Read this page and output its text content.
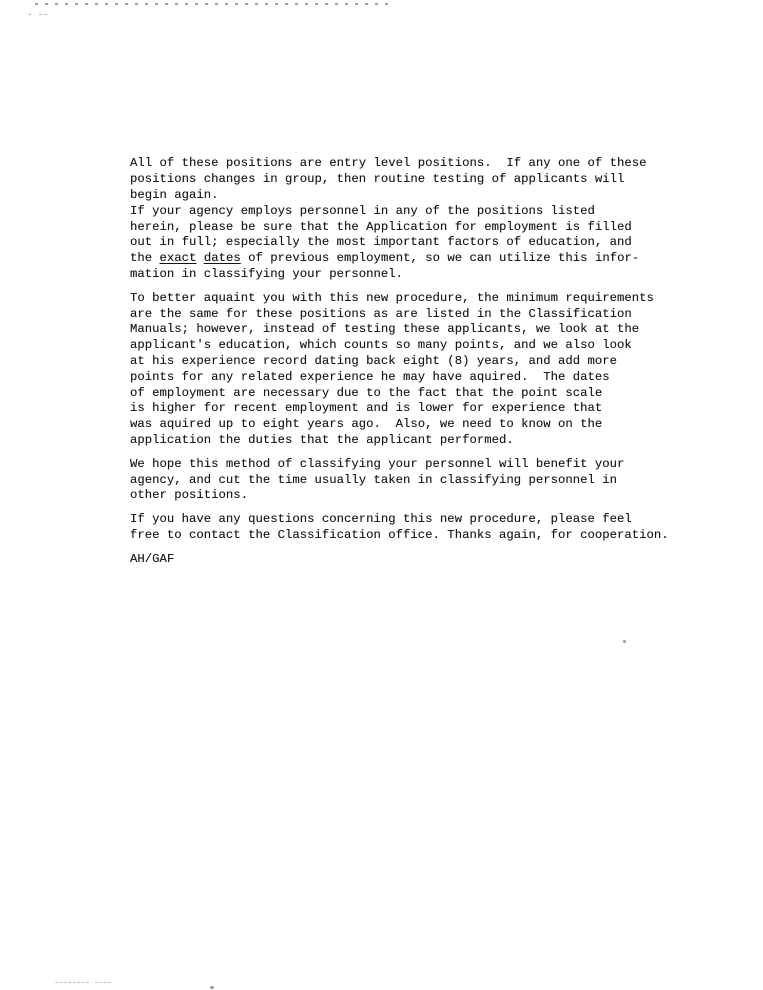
- --

All of these positions are entry level positions.  If any one of these
positions changes in group, then routine testing of applicants will
begin again.
If your agency employs personnel in any of the positions listed
herein, please be sure that the Application for employment is filled
out in full; especially the most important factors of education, and
the exact dates of previous employment, so we can utilize this infor-
mation in classifying your personnel.
To better aquaint you with this new procedure, the minimum requirements
are the same for these positions as are listed in the Classification
Manuals; however, instead of testing these applicants, we look at the
applicant's education, which counts so many points, and we also look
at his experience record dating back eight (8) years, and add more
points for any related experience he may have aquired.  The dates
of employment are necessary due to the fact that the point scale
is higher for recent employment and is lower for experience that
was aquired up to eight years ago.  Also, we need to know on the
application the duties that the applicant performed.
We hope this method of classifying your personnel will benefit your
agency, and cut the time usually taken in classifying personnel in
other positions.
If you have any questions concerning this new procedure, please feel
free to contact the Classification office. Thanks again, for cooperation.
AH/GAF

-------- ----
